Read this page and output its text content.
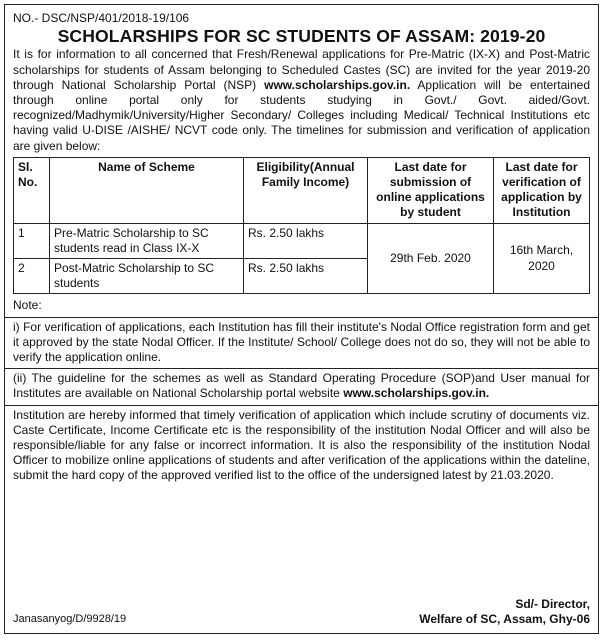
NO.- DSC/NSP/401/2018-19/106
SCHOLARSHIPS FOR SC STUDENTS OF ASSAM: 2019-20

It is for information to all concerned that Fresh/Renewal applications for Pre-Matric (IX-X) and Post-Matric scholarships for students of Assam belonging to Scheduled Castes (SC) are invited for the year 2019-20 through National Scholarship Portal (NSP) www.scholarships.gov.in. Application will be entertained through online portal only for students studying in Govt./ Govt. aided/Govt. recognized/Madhymik/University/Higher Secondary/ Colleges including Medical/ Technical Institutions etc having valid U-DISE /AISHE/ NCVT code only. The timelines for submission and verification of application are given below:

Sl. No.	Name of Scheme	Eligibility(Annual Family Income)	Last date for submission of online applications by student	Last date for verification of application by Institution
1	Pre-Matric Scholarship to SC students read in Class IX-X	Rs. 2.50 lakhs	29th Feb. 2020	16th March, 2020
2	Post-Matric Scholarship to SC students	Rs. 2.50 lakhs		
Note:

i) For verification of applications, each Institution has fill their institute's Nodal Office registration form and get it approved by the state Nodal Officer. If the Institute/ School/ College does not do so, they will not be able to verify the application online.

(ii) The guideline for the schemes as well as Standard Operating Procedure (SOP)and User manual for Institutes are available on National Scholarship portal website www.scholarships.gov.in.

Institution are hereby informed that timely verification of application which include scrutiny of documents viz. Caste Certificate, Income Certificate etc is the responsibility of the institution Nodal Officer and will also be responsible/liable for any false or incorrect information. It is also the responsibility of the institution Nodal Officer to mobilize online applications of students and after verification of the applications within the dateline, submit the hard copy of the approved verified list to the office of the undersigned latest by 21.03.2020.

Janasanyog/D/9928/19
Sd/- Director,
Welfare of SC, Assam, Ghy-06
